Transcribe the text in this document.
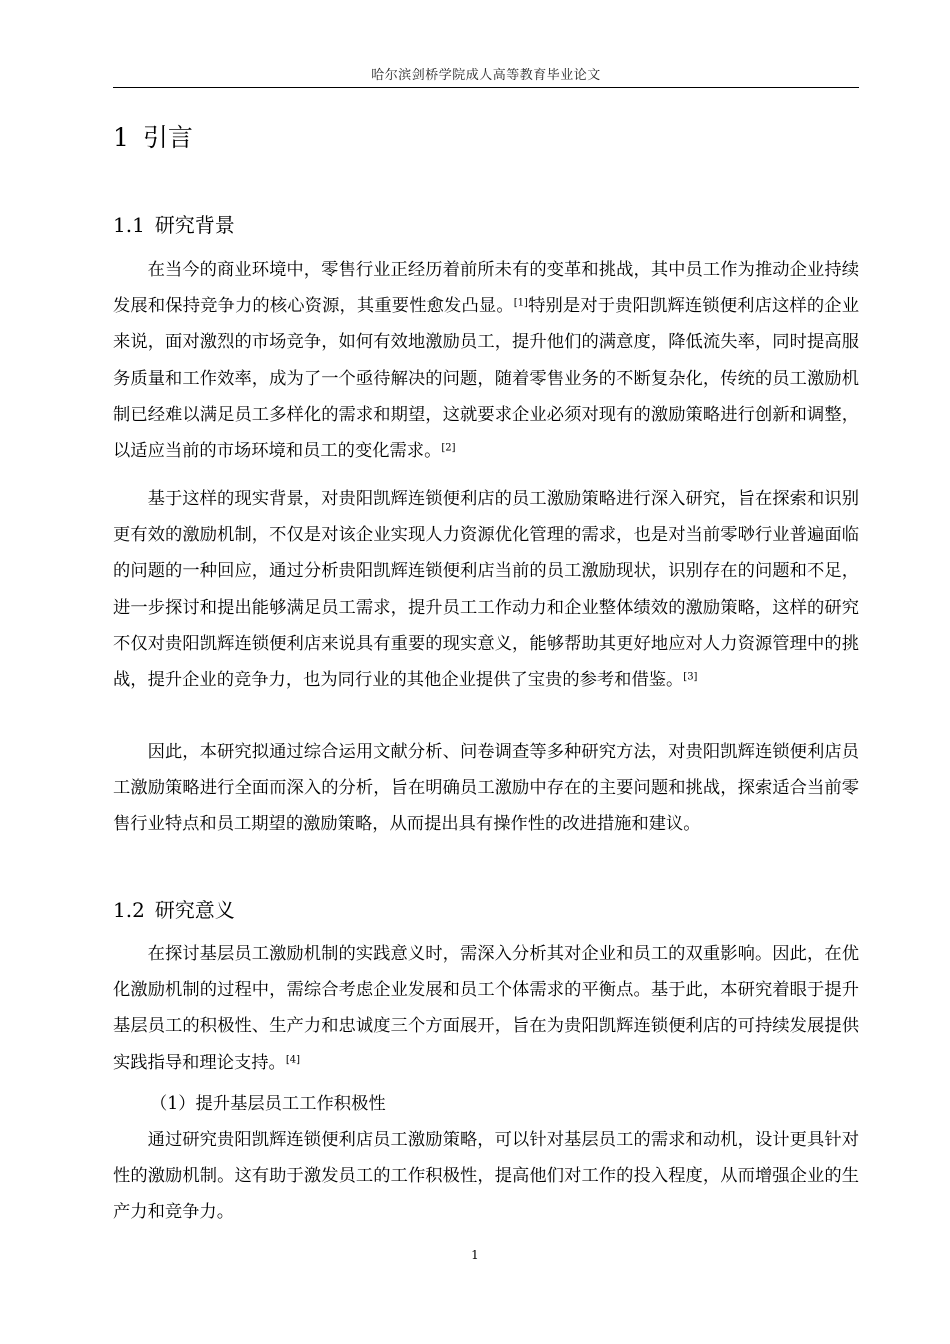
哈尔滨剑桥学院成人高等教育毕业论文
1 引言
1.1 研究背景

在当今的商业环境中，零售行业正经历着前所未有的变革和挑战，其中员工作为推动企业持续发展和保持竞争力的核心资源，其重要性愈发凸显。[1]特别是对于贵阳凯辉连锁便利店这样的企业来说，面对激烈的市场竞争，如何有效地激励员工，提升他们的满意度，降低流失率，同时提高服务质量和工作效率，成为了一个亟待解决的问题，随着零售业务的不断复杂化，传统的员工激励机制已经难以满足员工多样化的需求和期望，这就要求企业必须对现有的激励策略进行创新和调整，以适应当前的市场环境和员工的变化需求。[2]

基于这样的现实背景，对贵阳凯辉连锁便利店的员工激励策略进行深入研究，旨在探索和识别更有效的激励机制，不仅是对该企业实现人力资源优化管理的需求，也是对当前零唦行业普遍面临的问题的一种回应，通过分析贵阳凯辉连锁便利店当前的员工激励现状，识别存在的问题和不足，进一步探讨和提出能够满足员工需求，提升员工工作动力和企业整体绩效的激励策略，这样的研究不仅对贵阳凯辉连锁便利店来说具有重要的现实意义，能够帮助其更好地应对人力资源管理中的挑战，提升企业的竞争力，也为同行业的其他企业提供了宝贵的参考和借鉴。[3]

因此，本研究拟通过综合运用文献分析、问卷调查等多种研究方法，对贵阳凯辉连锁便利店员工激励策略进行全面而深入的分析，旨在明确员工激励中存在的主要问题和挑战，探索适合当前零售行业特点和员工期望的激励策略，从而提出具有操作性的改进措施和建议。

1.2 研究意义

在探讨基层员工激励机制的实践意义时，需深入分析其对企业和员工的双重影响。因此，在优化激励机制的过程中，需综合考虑企业发展和员工个体需求的平衡点。基于此，本研究着眼于提升基层员工的积极性、生产力和忠诚度三个方面展开，旨在为贵阳凯辉连锁便利店的可持续发展提供实践指导和理论支持。[4]

（1）提升基层员工工作积极性

通过研究贵阳凯辉连锁便利店员工激励策略，可以针对基层员工的需求和动机，设计更具针对性的激励机制。这有助于激发员工的工作积极性，提高他们对工作的投入程度，从而增强企业的生产力和竞争力。

1
